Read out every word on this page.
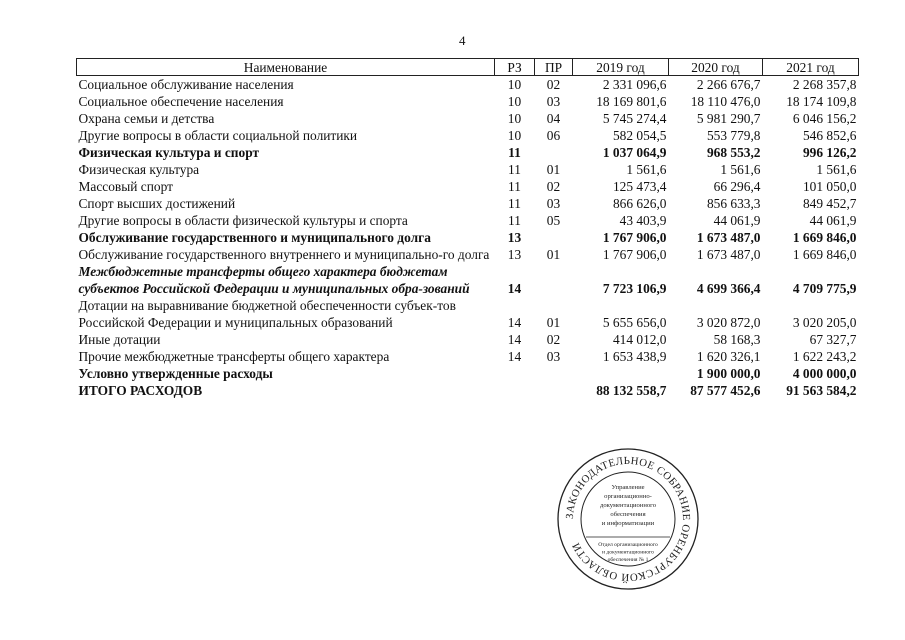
4
Наименование	РЗ	ПР	2019 год	2020 год	2021 год
Социальное обслуживание населения	10	02	2 331 096,6	2 266 676,7	2 268 357,8
Социальное обеспечение населения	10	03	18 169 801,6	18 110 476,0	18 174 109,8
Охрана семьи и детства	10	04	5 745 274,4	5 981 290,7	6 046 156,2
Другие вопросы в области социальной политики	10	06	582 054,5	553 779,8	546 852,6
Физическая культура и спорт	11		1 037 064,9	968 553,2	996 126,2
Физическая культура	11	01	1 561,6	1 561,6	1 561,6
Массовый спорт	11	02	125 473,4	66 296,4	101 050,0
Спорт высших достижений	11	03	866 626,0	856 633,3	849 452,7
Другие вопросы в области физической культуры и спорта	11	05	43 403,9	44 061,9	44 061,9
Обслуживание государственного и муниципального долга	13		1 767 906,0	1 673 487,0	1 669 846,0
Обслуживание государственного внутреннего и муниципально-го долга	13	01	1 767 906,0	1 673 487,0	1 669 846,0
Межбюджетные трансферты общего характера бюджетам субъектов Российской Федерации и муниципальных обра-зований	14		7 723 106,9	4 699 366,4	4 709 775,9
Дотации на выравнивание бюджетной обеспеченности субъек-тов Российской Федерации и муниципальных образований	14	01	5 655 656,0	3 020 872,0	3 020 205,0
Иные дотации	14	02	414 012,0	58 168,3	67 327,7
Прочие межбюджетные трансферты общего характера	14	03	1 653 438,9	1 620 326,1	1 622 243,2
Условно утвержденные расходы				1 900 000,0	4 000 000,0
ИТОГО РАСХОДОВ			88 132 558,7	87 577 452,6	91 563 584,2
ЗАКОНОДАТЕЛЬНОЕ СОБРАНИЕ ОРЕНБУРГСКОЙ ОБЛАСТИ
Управление
организационно-
документационного
обеспечения
и информатизации
Отдел организационного
и документационного
обеспечения № 1
